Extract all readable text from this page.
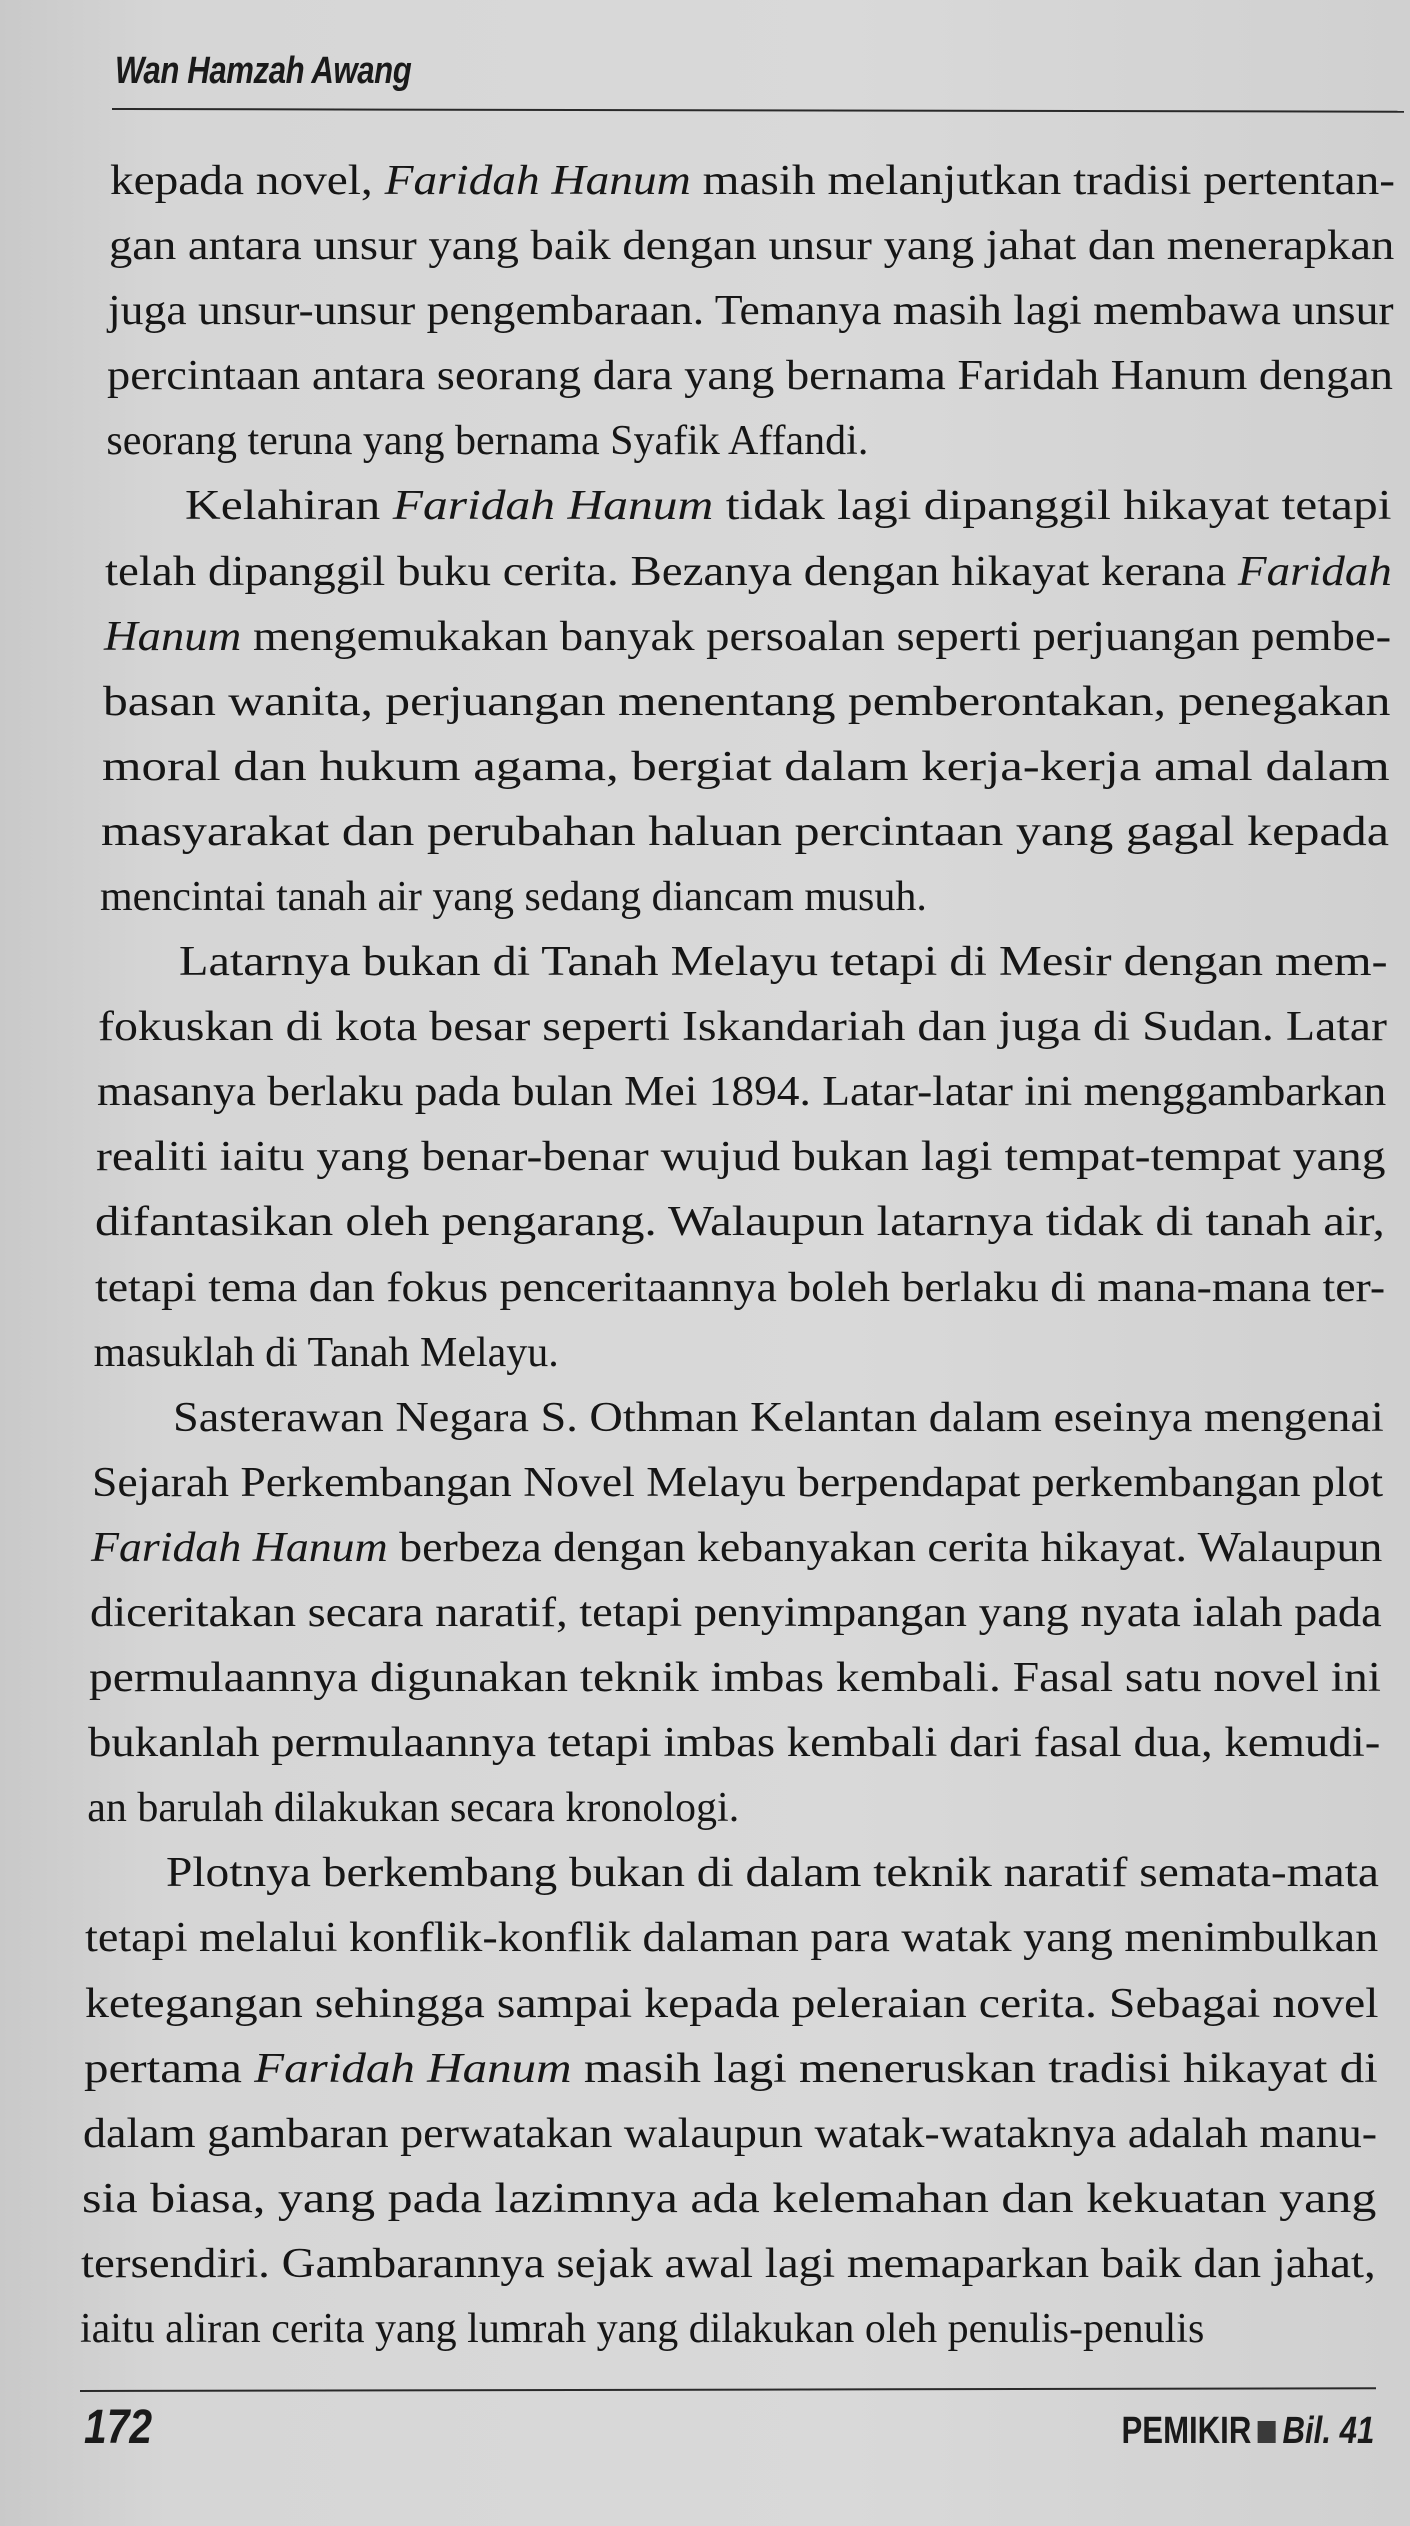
Wan Hamzah Awang
kepada novel, Faridah Hanum masih melanjutkan tradisi pertentan-
gan antara unsur yang baik dengan unsur yang jahat dan menerapkan
juga unsur-unsur pengembaraan. Temanya masih lagi membawa unsur
percintaan antara seorang dara yang bernama Faridah Hanum dengan
seorang teruna yang bernama Syafik Affandi.
Kelahiran Faridah Hanum tidak lagi dipanggil hikayat tetapi
telah dipanggil buku cerita. Bezanya dengan hikayat kerana Faridah
Hanum mengemukakan banyak persoalan seperti perjuangan pembe-
basan wanita, perjuangan menentang pemberontakan, penegakan
moral dan hukum agama, bergiat dalam kerja-kerja amal dalam
masyarakat dan perubahan haluan percintaan yang gagal kepada
mencintai tanah air yang sedang diancam musuh.
Latarnya bukan di Tanah Melayu tetapi di Mesir dengan mem-
fokuskan di kota besar seperti Iskandariah dan juga di Sudan. Latar
masanya berlaku pada bulan Mei 1894. Latar-latar ini menggambarkan
realiti iaitu yang benar-benar wujud bukan lagi tempat-tempat yang
difantasikan oleh pengarang. Walaupun latarnya tidak di tanah air,
tetapi tema dan fokus penceritaannya boleh berlaku di mana-mana ter-
masuklah di Tanah Melayu.
Sasterawan Negara S. Othman Kelantan dalam eseinya mengenai
Sejarah Perkembangan Novel Melayu berpendapat perkembangan plot
Faridah Hanum berbeza dengan kebanyakan cerita hikayat. Walaupun
diceritakan secara naratif, tetapi penyimpangan yang nyata ialah pada
permulaannya digunakan teknik imbas kembali. Fasal satu novel ini
bukanlah permulaannya tetapi imbas kembali dari fasal dua, kemudi-
an barulah dilakukan secara kronologi.
Plotnya berkembang bukan di dalam teknik naratif semata-mata
tetapi melalui konflik-konflik dalaman para watak yang menimbulkan
ketegangan sehingga sampai kepada peleraian cerita. Sebagai novel
pertama Faridah Hanum masih lagi meneruskan tradisi hikayat di
dalam gambaran perwatakan walaupun watak-wataknya adalah manu-
sia biasa, yang pada lazimnya ada kelemahan dan kekuatan yang
tersendiri. Gambarannya sejak awal lagi memaparkan baik dan jahat,
iaitu aliran cerita yang lumrah yang dilakukan oleh penulis-penulis
172	PEMIKIR Bil. 41
